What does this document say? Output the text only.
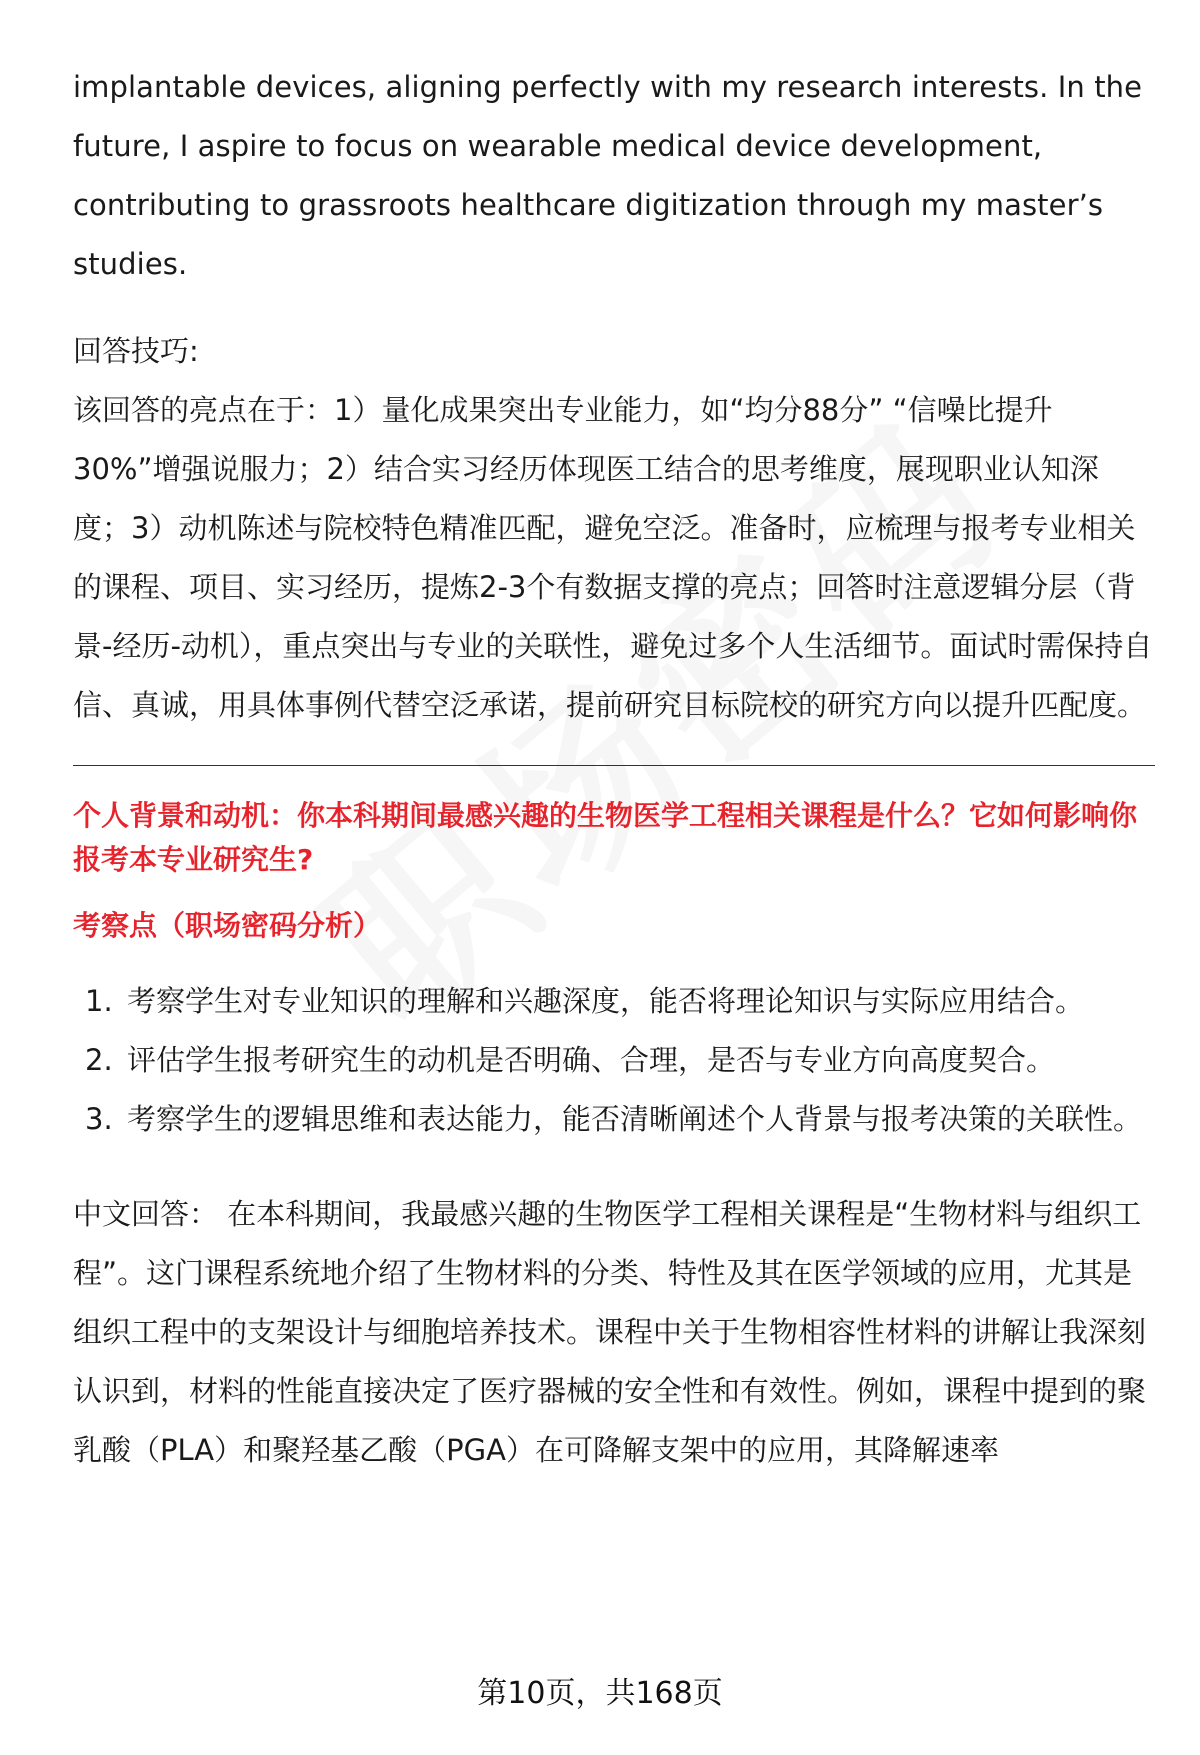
implantable devices, aligning perfectly with my research interests. In the future, I aspire to focus on wearable medical device development, contributing to grassroots healthcare digitization through my master’s studies.

回答技巧:

该回答的亮点在于：1）量化成果突出专业能力，如“均分88分” “信噪比提升30%”增强说服力；2）结合实习经历体现医工结合的思考维度，展现职业认知深度；3）动机陈述与院校特色精准匹配，避免空泛。准备时，应梳理与报考专业相关的课程、项目、实习经历，提炼2-3个有数据支撑的亮点；回答时注意逻辑分层（背景-经历-动机），重点突出与专业的关联性，避免过多个人生活细节。面试时需保持自信、真诚，用具体事例代替空泛承诺，提前研究目标院校的研究方向以提升匹配度。

个人背景和动机：你本科期间最感兴趣的生物医学工程相关课程是什么？它如何影响你报考本专业研究生?

考察点（职场密码分析）

1. 考察学生对专业知识的理解和兴趣深度，能否将理论知识与实际应用结合。
2. 评估学生报考研究生的动机是否明确、合理，是否与专业方向高度契合。
3. 考察学生的逻辑思维和表达能力，能否清晰阐述个人背景与报考决策的关联性。

中文回答： 在本科期间，我最感兴趣的生物医学工程相关课程是“生物材料与组织工程”。这门课程系统地介绍了生物材料的分类、特性及其在医学领域的应用，尤其是组织工程中的支架设计与细胞培养技术。课程中关于生物相容性材料的讲解让我深刻认识到，材料的性能直接决定了医疗器械的安全性和有效性。例如，课程中提到的聚乳酸（PLA）和聚羟基乙酸（PGA）在可降解支架中的应用，其降解速率

第10页，共168页
